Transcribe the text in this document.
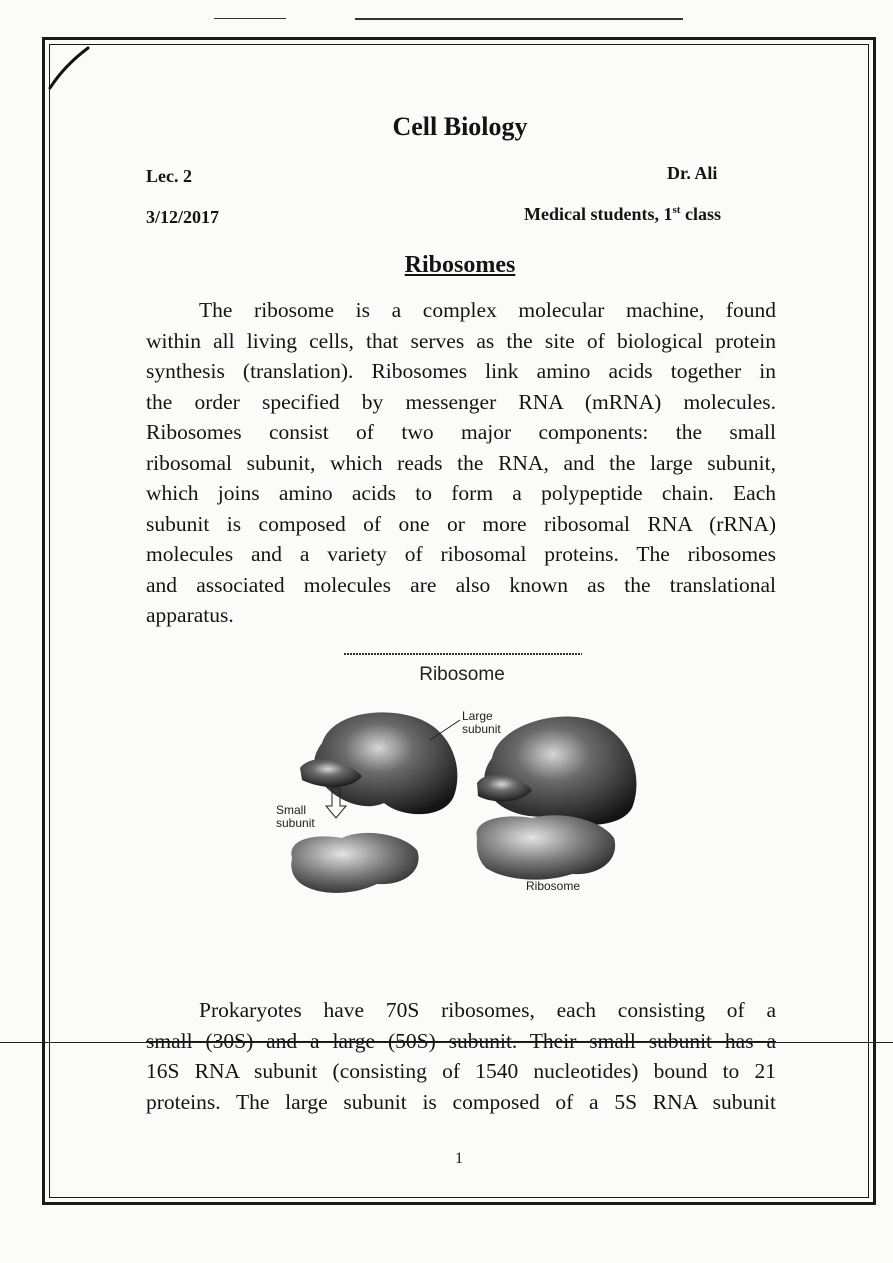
Cell Biology
Lec. 2	Dr. Ali
3/12/2017	Medical students, 1st class
Ribosomes
The ribosome is a complex molecular machine, found
within all living cells, that serves as the site of biological protein
synthesis (translation). Ribosomes link amino acids together in
the order specified by messenger RNA (mRNA) molecules.
Ribosomes consist of two major components: the small
ribosomal subunit, which reads the RNA, and the large subunit,
which joins amino acids to form a polypeptide chain. Each
subunit is composed of one or more ribosomal RNA (rRNA)
molecules and a variety of ribosomal proteins. The ribosomes
and associated molecules are also known as the translational
apparatus.
Ribosome
Large
subunit
Small
subunit
Ribosome
Prokaryotes have 70S ribosomes, each consisting of a
small (30S) and a large (50S) subunit. Their small subunit has a
16S RNA subunit (consisting of 1540 nucleotides) bound to 21
proteins. The large subunit is composed of a 5S RNA subunit
1
